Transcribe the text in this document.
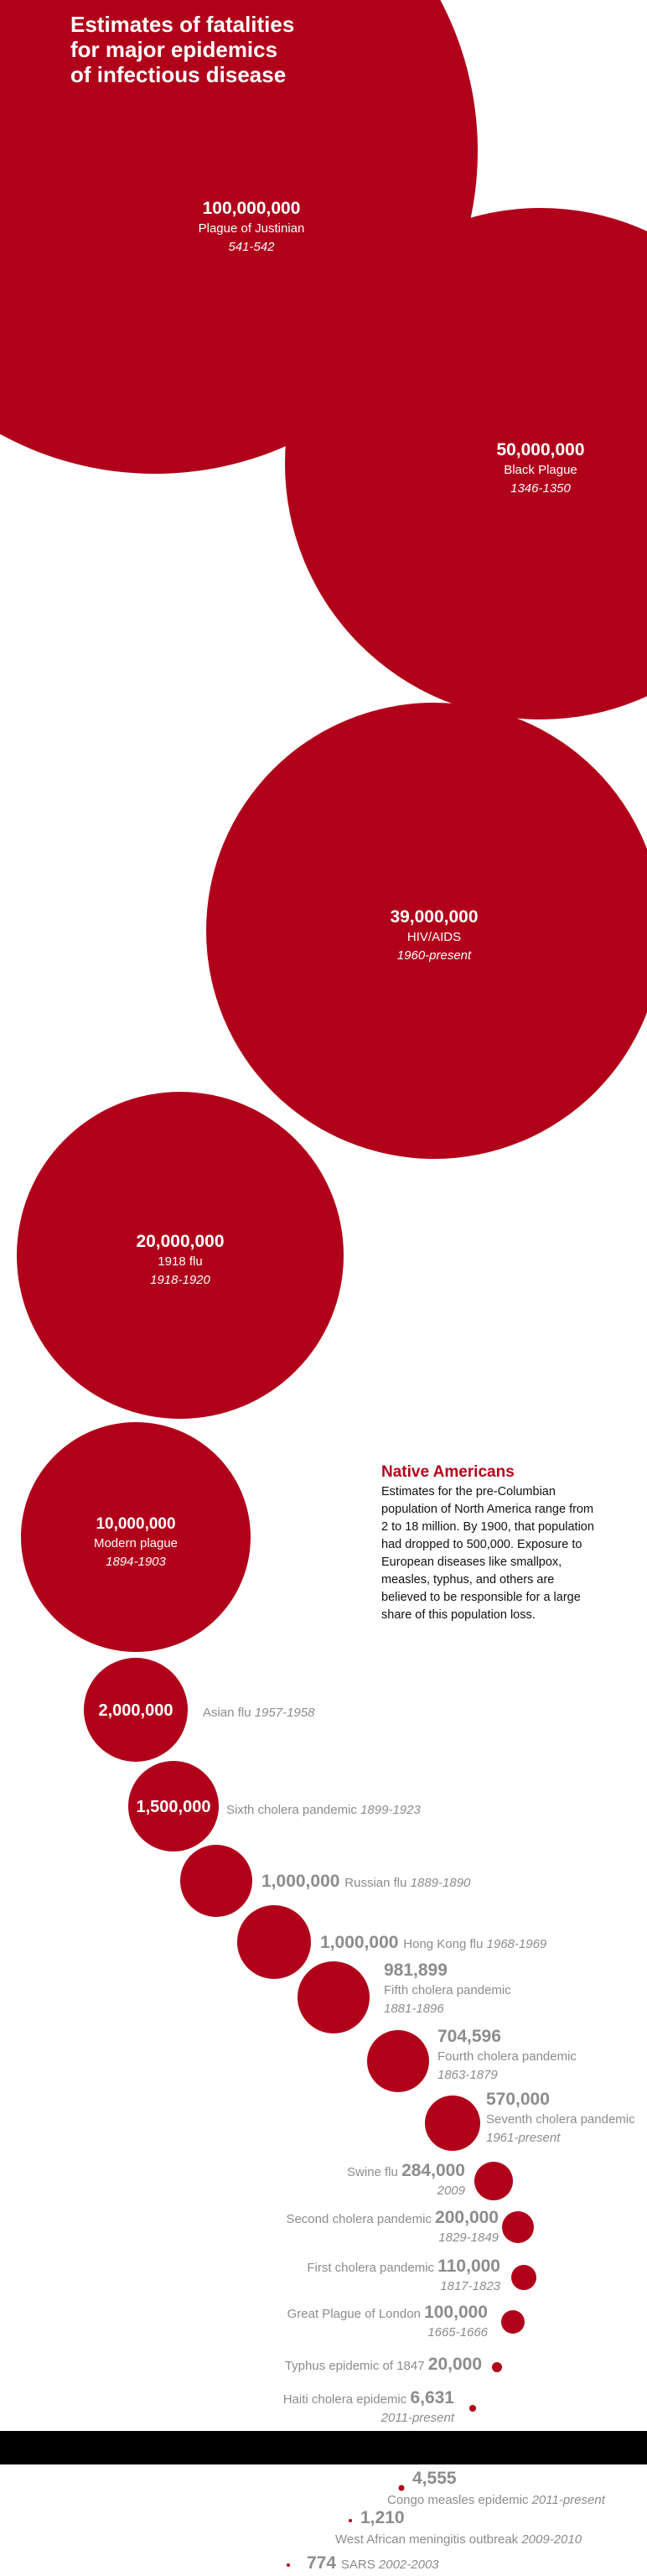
100,000,000
Plague of Justinian
541-542
50,000,000
Black Plague
1346-1350
39,000,000
HIV/AIDS
1960-present
20,000,000
1918 flu
1918-1920
10,000,000
Modern plague
1894-1903
2,000,000 Asian flu 1957-1958
1,500,000 Sixth cholera pandemic 1899-1923
1,000,000 Russian flu 1889-1890
1,000,000 Hong Kong flu 1968-1969
981,899
Fifth cholera pandemic
1881-1896
704,596
Fourth cholera pandemic
1863-1879
570,000
Seventh cholera pandemic
1961-present
Swine flu 284,000
2009
Second cholera pandemic 200,000
1829-1849
First cholera pandemic 110,000
1817-1823
Great Plague of London 100,000
1665-1666
Typhus epidemic of 1847 20,000
Haiti cholera epidemic 6,631
2011-present
4,555
Congo measles epidemic 2011-present
1,210
West African meningitis outbreak 2009-2010
774 SARS 2002-2003
Estimates of fatalities
for major epidemics
of infectious disease
Native Americans
Estimates for the pre-Columbian population of North America range from 2 to 18 million. By 1900, that population had dropped to 500,000. Exposure to European diseases like smallpox, measles, typhus, and others are believed to be responsible for a large share of this population loss.
